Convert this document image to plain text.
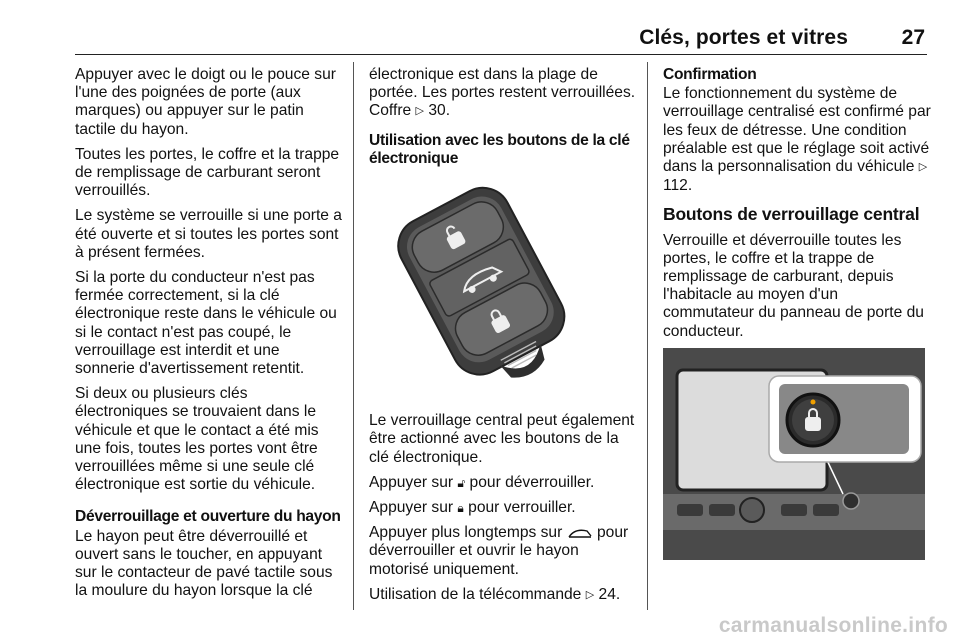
Clés, portes et vitres	27

Appuyer avec le doigt ou le pouce sur l'une des poignées de porte (aux marques) ou appuyer sur le patin tactile du hayon.

Toutes les portes, le coffre et la trappe de remplissage de carburant seront verrouillés.

Le système se verrouille si une porte a été ouverte et si toutes les portes sont à présent fermées.

Si la porte du conducteur n'est pas fermée correctement, si la clé électronique reste dans le véhicule ou si le contact n'est pas coupé, le verrouillage est interdit et une sonnerie d'avertissement retentit.

Si deux ou plusieurs clés électroniques se trouvaient dans le véhicule et que le contact a été mis une fois, toutes les portes vont être verrouillées même si une seule clé électronique est sortie du véhicule.

Déverrouillage et ouverture du hayon

Le hayon peut être déverrouillé et ouvert sans le toucher, en appuyant sur le contacteur de pavé tactile sous la moulure du hayon lorsque la clé

électronique est dans la plage de portée. Les portes restent verrouillées. Coffre ▷ 30.

Utilisation avec les boutons de la clé électronique

Le verrouillage central peut également être actionné avec les boutons de la clé électronique.

Appuyer sur 🔓︎ pour déverrouiller.

Appuyer sur 🔒︎ pour verrouiller.

Appuyer plus longtemps sur pour déverrouiller et ouvrir le hayon motorisé uniquement.

Utilisation de la télécommande ▷ 24.

Confirmation

Le fonctionnement du système de verrouillage centralisé est confirmé par les feux de détresse. Une condition préalable est que le réglage soit activé dans la personnalisation du véhicule ▷ 112.

Boutons de verrouillage central

Verrouille et déverrouille toutes les portes, le coffre et la trappe de remplissage de carburant, depuis l'habitacle au moyen d'un commutateur du panneau de porte du conducteur.

carmanualsonline.info
